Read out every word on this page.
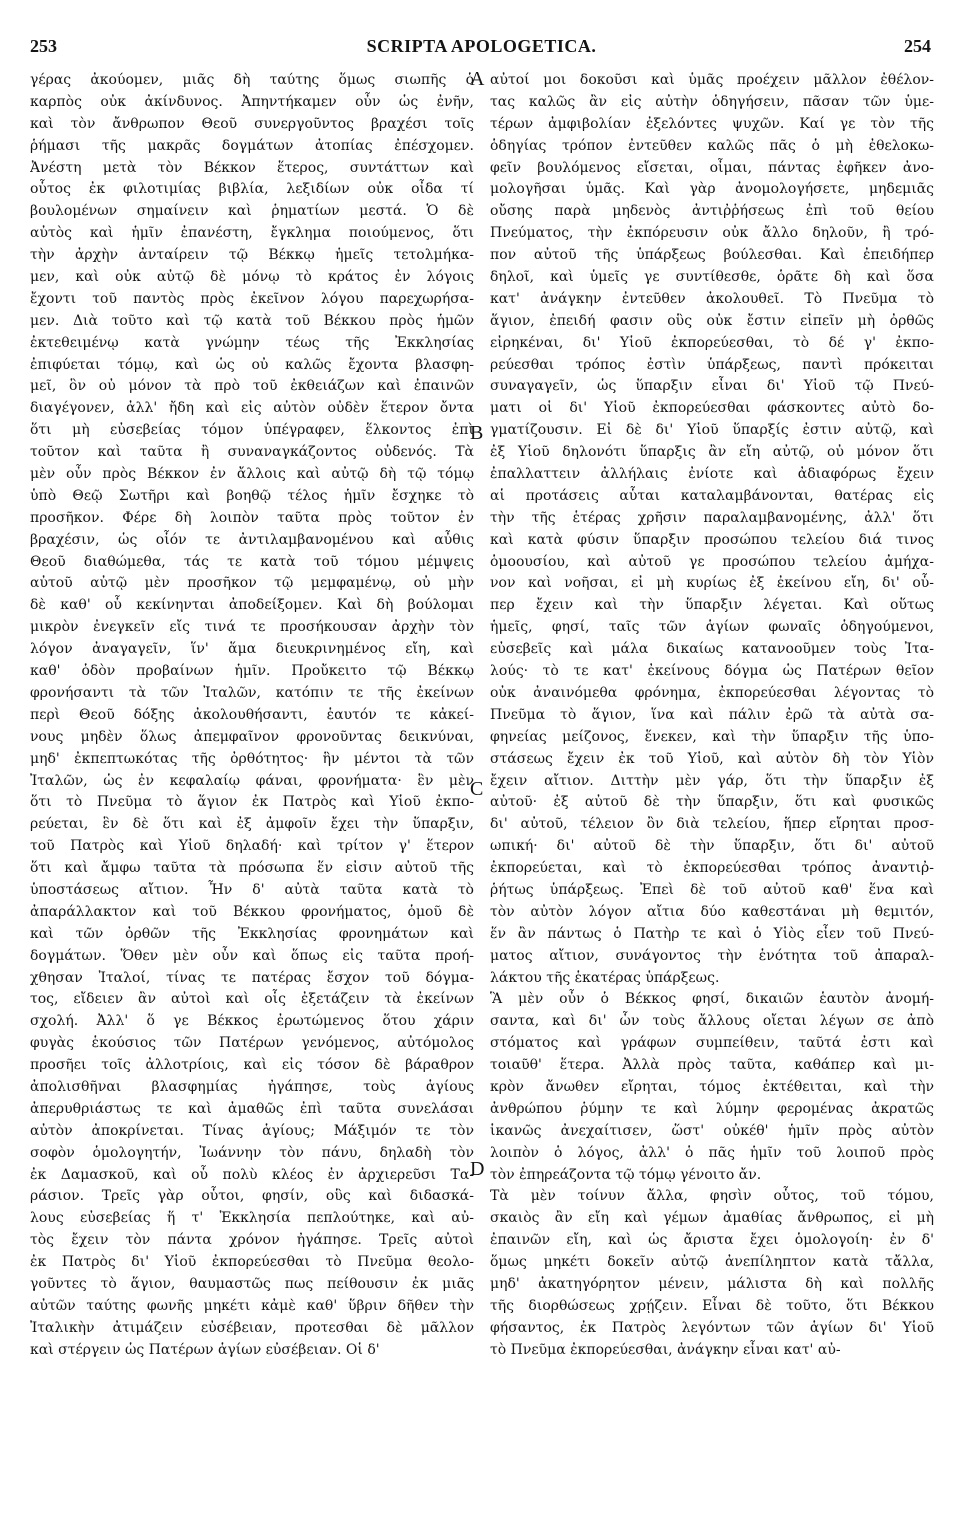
253	SCRIPTA APOLOGETICA.	254
γέρας ἀκούομεν, μιᾶς δὴ ταύτης ὅμως σιωπῆς ὁ
καρπὸς οὐκ ἀκίνδυνος. Ἀπηντήκαμεν οὖν ὡς ἐνῆν,
καὶ τὸν ἄνθρωπον Θεοῦ συνεργοῦντος βραχέσι τοῖς
ῥήμασι τῆς μακρᾶς δογμάτων ἀτοπίας ἐπέσχομεν.
Ἀνέστη μετὰ τὸν Βέκκον ἕτερος, συντάττων καὶ
οὗτος ἐκ φιλοτιμίας βιβλία, λεξιδίων οὐκ οἶδα τί
βουλομένων σημαίνειν καὶ ῥηματίων μεστά. Ὁ δὲ
αὐτὸς καὶ ἡμῖν ἐπανέστη, ἔγκλημα ποιούμενος, ὅτι
τὴν ἀρχὴν ἀνταίρειν τῷ Βέκκῳ ἡμεῖς τετολμήκα-
μεν, καὶ οὐκ αὐτῷ δὲ μόνῳ τὸ κράτος ἐν λόγοις
ἔχοντι τοῦ παντὸς πρὸς ἐκεῖνον λόγου παρεχωρήσα-
μεν. Διὰ τοῦτο καὶ τῷ κατὰ τοῦ Βέκκου πρὸς ἡμῶν
ἐκτεθειμένῳ κατὰ γνώμην τέως τῆς Ἐκκλησίας
ἐπιφύεται τόμῳ, καὶ ὡς οὐ καλῶς ἔχοντα βλασφη-
μεῖ, ὃν οὐ μόνον τὰ πρὸ τοῦ ἐκθειάζων καὶ ἐπαινῶν
διαγέγονεν, ἀλλ' ἤδη καὶ εἰς αὐτὸν οὐδὲν ἕτερον ὄντα
ὅτι μὴ εὐσεβείας τόμον ὑπέγραφεν, ἕλκοντος ἐπὶ
τοῦτον καὶ ταῦτα ἢ συναναγκάζοντος οὐδενός. Τὰ
μὲν οὖν πρὸς Βέκκον ἐν ἄλλοις καὶ αὐτῷ δὴ τῷ τόμῳ
ὑπὸ Θεῷ Σωτῆρι καὶ βοηθῷ τέλος ἡμῖν ἔσχηκε τὸ
προσῆκον. Φέρε δὴ λοιπὸν ταῦτα πρὸς τοῦτον ἐν
βραχέσιν, ὡς οἷόν τε ἀντιλαμβανομένου καὶ αὖθις
Θεοῦ διαθώμεθα, τάς τε κατὰ τοῦ τόμου μέμψεις
αὐτοῦ αὐτῷ μὲν προσῆκον τῷ μεμφαμένῳ, οὐ μὴν
δὲ καθ' οὗ κεκίνηνται ἀποδείξομεν. Καὶ δὴ βούλομαι
μικρὸν ἐνεγκεῖν εἴς τινά τε προσήκουσαν ἀρχὴν τὸν
λόγον ἀναγαγεῖν, ἵν' ἅμα διευκρινημένος εἴη, καὶ
καθ' ὁδὸν προβαίνων ἡμῖν. Προὔκειτο τῷ Βέκκῳ
φρονήσαντι τὰ τῶν Ἰταλῶν, κατόπιν τε τῆς ἐκείνων
περὶ Θεοῦ δόξης ἀκολουθήσαντι, ἑαυτόν τε κἀκεί-
νους μηδὲν ὅλως ἀπεμφαῖνον φρονοῦντας δεικνύναι,
μηδ' ἐκπεπτωκότας τῆς ὀρθότητος· ἣν μέντοι τὰ τῶν
Ἰταλῶν, ὡς ἐν κεφαλαίῳ φάναι, φρονήματα· ἓν μὲν
ὅτι τὸ Πνεῦμα τὸ ἅγιον ἐκ Πατρὸς καὶ Υἱοῦ ἐκπο-
ρεύεται, ἓν δὲ ὅτι καὶ ἐξ ἀμφοῖν ἔχει τὴν ὕπαρξιν,
τοῦ Πατρὸς καὶ Υἱοῦ δηλαδή· καὶ τρίτον γ' ἕτερον
ὅτι καὶ ἄμφω ταῦτα τὰ πρόσωπα ἕν εἰσιν αὐτοῦ τῆς
ὑποστάσεως αἴτιον. Ἦν δ' αὐτὰ ταῦτα κατὰ τὸ
ἀπαράλλακτον καὶ τοῦ Βέκκου φρονήματος, ὁμοῦ δὲ
καὶ τῶν ὀρθῶν τῆς Ἐκκλησίας φρονημάτων καὶ
δογμάτων. Ὅθεν μὲν οὖν καὶ ὅπως εἰς ταῦτα προή-
χθησαν Ἰταλοί, τίνας τε πατέρας ἔσχον τοῦ δόγμα-
τος, εἴδειεν ἂν αὐτοὶ καὶ οἷς ἐξετάζειν τὰ ἐκείνων
σχολή. Ἀλλ' ὅ γε Βέκκος ἐρωτώμενος ὅτου χάριν
φυγὰς ἑκούσιος τῶν Πατέρων γενόμενος, αὐτόμολος
προσῆει τοῖς ἀλλοτρίοις, καὶ εἰς τόσον δὲ βάραθρον
ἀπολισθῆναι βλασφημίας ἠγάπησε, τοὺς ἁγίους
ἀπερυθριάστως τε καὶ ἀμαθῶς ἐπὶ ταῦτα συνελάσαι
αὐτὸν ἀποκρίνεται. Τίνας ἁγίους; Μάξιμόν τε τὸν
σοφὸν ὁμολογητήν, Ἰωάννην τὸν πάνυ, δηλαδὴ τὸν
ἐκ Δαμασκοῦ, καὶ οὗ πολὺ κλέος ἐν ἀρχιερεῦσι Τα-
ράσιον. Τρεῖς γὰρ οὗτοι, φησίν, οὓς καὶ διδασκά-
λους εὐσεβείας ἥ τ' Ἐκκλησία πεπλούτηκε, καὶ αὐ-
τὸς ἔχειν τὸν πάντα χρόνον ἠγάπησε. Τρεῖς αὐτοὶ
ἐκ Πατρὸς δι' Υἱοῦ ἐκπορεύεσθαι τὸ Πνεῦμα θεολο-
γοῦντες τὸ ἅγιον, θαυμαστῶς πως πείθουσιν ἐκ μιᾶς
αὐτῶν ταύτης φωνῆς μηκέτι κἀμὲ καθ' ὕβριν δῆθεν τὴν
Ἰταλικὴν ἀτιμάζειν εὐσέβειαν, προτεσθαι δὲ μᾶλλον
καὶ στέργειν ὡς Πατέρων ἁγίων εὐσέβειαν. Οἱ δ'
αὐτοί μοι δοκοῦσι καὶ ὑμᾶς προέχειν μᾶλλον ἐθέλον-
τας καλῶς ἂν εἰς αὐτὴν ὁδηγήσειν, πᾶσαν τῶν ὑμε-
τέρων ἀμφιβολίαν ἐξελόντες ψυχῶν. Καί γε τὸν τῆς
ὁδηγίας τρόπον ἐντεῦθεν καλῶς πᾶς ὁ μὴ ἐθελοκω-
φεῖν βουλόμενος εἴσεται, οἶμαι, πάντας ἐφῆκεν ἀνο-
μολογῆσαι ὑμᾶς. Καὶ γὰρ ἀνομολογήσετε, μηδεμιᾶς
οὔσης παρὰ μηδενὸς ἀντιῤῥήσεως ἐπὶ τοῦ θείου
Πνεύματος, τὴν ἐκπόρευσιν οὐκ ἄλλο δηλοῦν, ἢ τρό-
πον αὐτοῦ τῆς ὑπάρξεως βούλεσθαι. Καὶ ἐπειδήπερ
δηλοῖ, καὶ ὑμεῖς γε συντίθεσθε, ὁρᾶτε δὴ καὶ ὅσα
κατ' ἀνάγκην ἐντεῦθεν ἀκολουθεῖ. Τὸ Πνεῦμα τὸ
ἅγιον, ἐπειδή φασιν οὓς οὐκ ἔστιν εἰπεῖν μὴ ὀρθῶς
εἰρηκέναι, δι' Υἱοῦ ἐκπορεύεσθαι, τὸ δέ γ' ἐκπο-
ρεύεσθαι τρόπος ἐστὶν ὑπάρξεως, παντὶ πρόκειται
συναγαγεῖν, ὡς ὕπαρξιν εἶναι δι' Υἱοῦ τῷ Πνεύ-
ματι οἱ δι' Υἱοῦ ἐκπορεύεσθαι φάσκοντες αὐτὸ δο-
γματίζουσιν. Εἰ δὲ δι' Υἱοῦ ὕπαρξίς ἐστιν αὐτῷ, καὶ
ἐξ Υἱοῦ δηλονότι ὕπαρξις ἂν εἴη αὐτῷ, οὐ μόνον ὅτι
ἐπαλλαττειν ἀλλήλαις ἐνίοτε καὶ ἀδιαφόρως ἔχειν
αἱ προτάσεις αὗται καταλαμβάνονται, θατέρας εἰς
τὴν τῆς ἑτέρας χρῆσιν παραλαμβανομένης, ἀλλ' ὅτι
καὶ κατὰ φύσιν ὕπαρξιν προσώπου τελείου διά τινος
ὁμοουσίου, καὶ αὐτοῦ γε προσώπου τελείου ἀμήχα-
νον καὶ νοῆσαι, εἰ μὴ κυρίως ἐξ ἐκείνου εἴη, δι' οὗ-
περ ἔχειν καὶ τὴν ὕπαρξιν λέγεται. Καὶ οὕτως
ἡμεῖς, φησί, ταῖς τῶν ἁγίων φωναῖς ὁδηγούμενοι,
εὐσεβεῖς καὶ μάλα δικαίως κατανοοῦμεν τοὺς Ἰτα-
λούς· τὸ τε κατ' ἐκείνους δόγμα ὡς Πατέρων θεῖον
οὐκ ἀναινόμεθα φρόνημα, ἐκπορεύεσθαι λέγοντας τὸ
Πνεῦμα τὸ ἅγιον, ἵνα καὶ πάλιν ἐρῶ τὰ αὐτὰ σα-
φηνείας μείζονος, ἕνεκεν, καὶ τὴν ὕπαρξιν τῆς ὑπο-
στάσεως ἔχειν ἐκ τοῦ Υἱοῦ, καὶ αὐτὸν δὴ τὸν Υἱὸν
ἔχειν αἴτιον. Διττὴν μὲν γάρ, ὅτι τὴν ὕπαρξιν ἐξ
αὐτοῦ· ἐξ αὐτοῦ δὲ τὴν ὕπαρξιν, ὅτι καὶ φυσικῶς
δι' αὐτοῦ, τέλειον ὂν διὰ τελείου, ἥπερ εἴρηται προσ-
ωπική· δι' αὐτοῦ δὲ τὴν ὕπαρξιν, ὅτι δι' αὐτοῦ
ἐκπορεύεται, καὶ τὸ ἐκπορεύεσθαι τρόπος ἀναντιῤ-
ῥήτως ὑπάρξεως. Ἐπεὶ δὲ τοῦ αὐτοῦ καθ' ἕνα καὶ
τὸν αὐτὸν λόγον αἴτια δύο καθεστάναι μὴ θεμιτόν,
ἕν ἂν πάντως ὁ Πατὴρ τε καὶ ὁ Υἱὸς εἶεν τοῦ Πνεύ-
ματος αἴτιον, συνάγοντος τὴν ἑνότητα τοῦ ἀπαραλ-
λάκτου τῆς ἑκατέρας ὑπάρξεως.
Ἃ μὲν οὖν ὁ Βέκκος φησί, δικαιῶν ἑαυτὸν ἀνομή-
σαντα, καὶ δι' ὧν τοὺς ἄλλους οἴεται λέγων σε ἀπὸ
στόματος καὶ γράφων συμπείθειν, ταῦτά ἐστι καὶ
τοιαῦθ' ἕτερα. Ἀλλὰ πρὸς ταῦτα, καθάπερ καὶ μι-
κρὸν ἄνωθεν εἴρηται, τόμος ἐκτέθειται, καὶ τὴν
ἀνθρώπου ῥύμην τε καὶ λύμην φερομένας ἀκρατῶς
ἱκανῶς ἀνεχαίτισεν, ὥστ' οὐκέθ' ἡμῖν πρὸς αὐτὸν
λοιπὸν ὁ λόγος, ἀλλ' ὁ πᾶς ἡμῖν τοῦ λοιποῦ πρὸς
τὸν ἐπηρεάζοντα τῷ τόμῳ γένοιτο ἄν.
Τὰ μὲν τοίνυν ἄλλα, φησὶν οὗτος, τοῦ τόμου,
σκαιὸς ἂν εἴη καὶ γέμων ἀμαθίας ἄνθρωπος, εἰ μὴ
ἐπαινῶν εἴη, καὶ ὡς ἄριστα ἔχει ὁμολογοίη· ἐν δ'
ὅμως μηκέτι δοκεῖν αὐτῷ ἀνεπίληπτον κατὰ τἄλλα,
μηδ' ἀκατηγόρητον μένειν, μάλιστα δὴ καὶ πολλῆς
τῆς διορθώσεως χρῄζειν. Εἶναι δὲ τοῦτο, ὅτι Βέκκου
φήσαντος, ἐκ Πατρὸς λεγόντων τῶν ἁγίων δι' Υἱοῦ
τὸ Πνεῦμα ἐκπορεύεσθαι, ἀνάγκην εἶναι κατ' αὐ-
A
B
C
D
